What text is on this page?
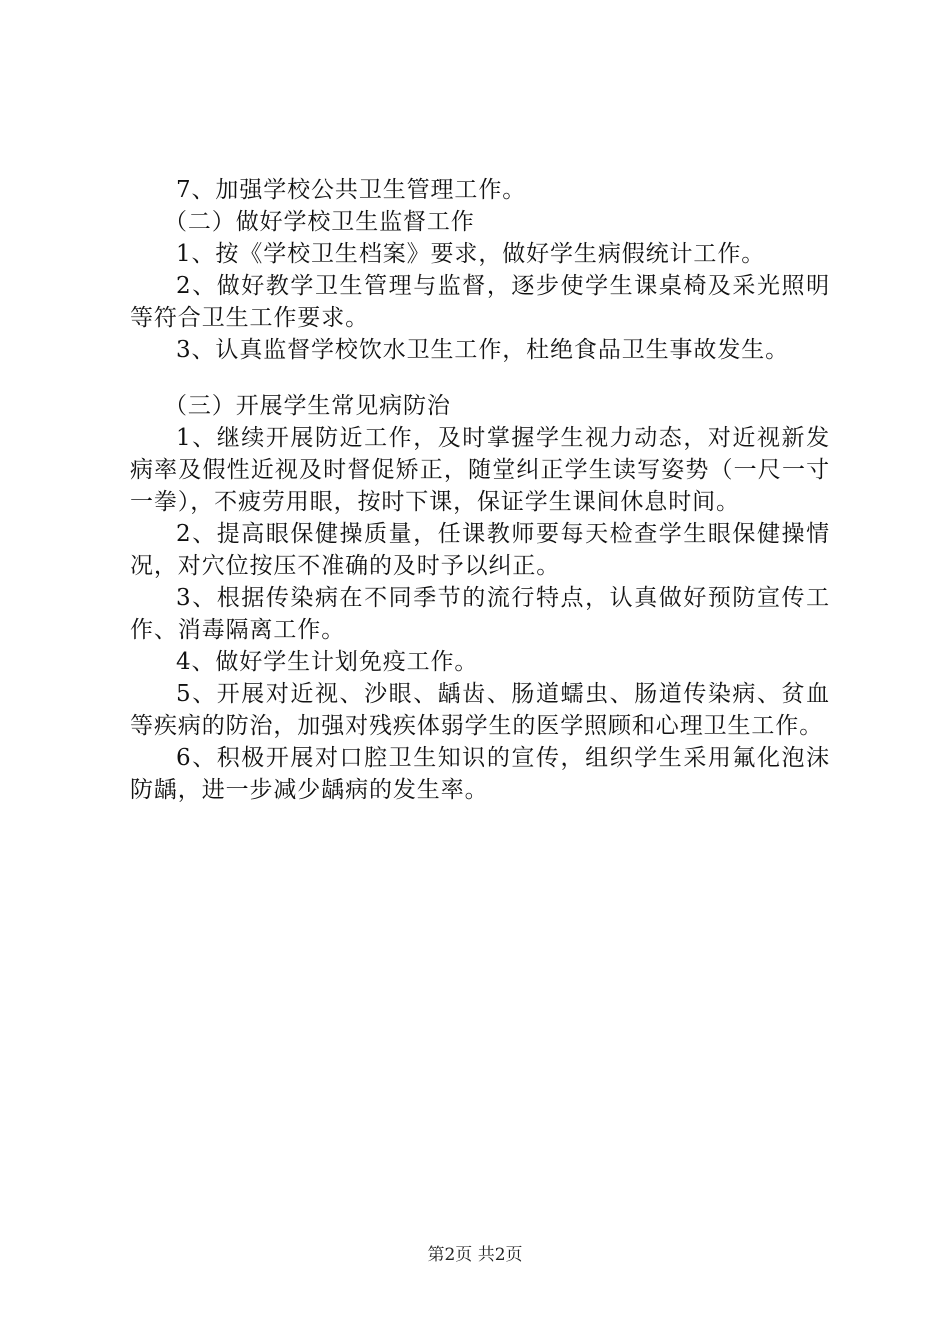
7、加强学校公共卫生管理工作。

（二）做好学校卫生监督工作

1、按《学校卫生档案》要求，做好学生病假统计工作。

2、做好教学卫生管理与监督，逐步使学生课桌椅及采光照明等符合卫生工作要求。

3、认真监督学校饮水卫生工作，杜绝食品卫生事故发生。

（三）开展学生常见病防治

1、继续开展防近工作，及时掌握学生视力动态，对近视新发病率及假性近视及时督促矫正，随堂纠正学生读写姿势（一尺一寸一拳），不疲劳用眼，按时下课，保证学生课间休息时间。

2、提高眼保健操质量，任课教师要每天检查学生眼保健操情况，对穴位按压不准确的及时予以纠正。

3、根据传染病在不同季节的流行特点，认真做好预防宣传工作、消毒隔离工作。

4、做好学生计划免疫工作。

5、开展对近视、沙眼、龋齿、肠道蠕虫、肠道传染病、贫血等疾病的防治，加强对残疾体弱学生的医学照顾和心理卫生工作。

6、积极开展对口腔卫生知识的宣传，组织学生采用氟化泡沫防龋，进一步减少龋病的发生率。

第2页 共2页
